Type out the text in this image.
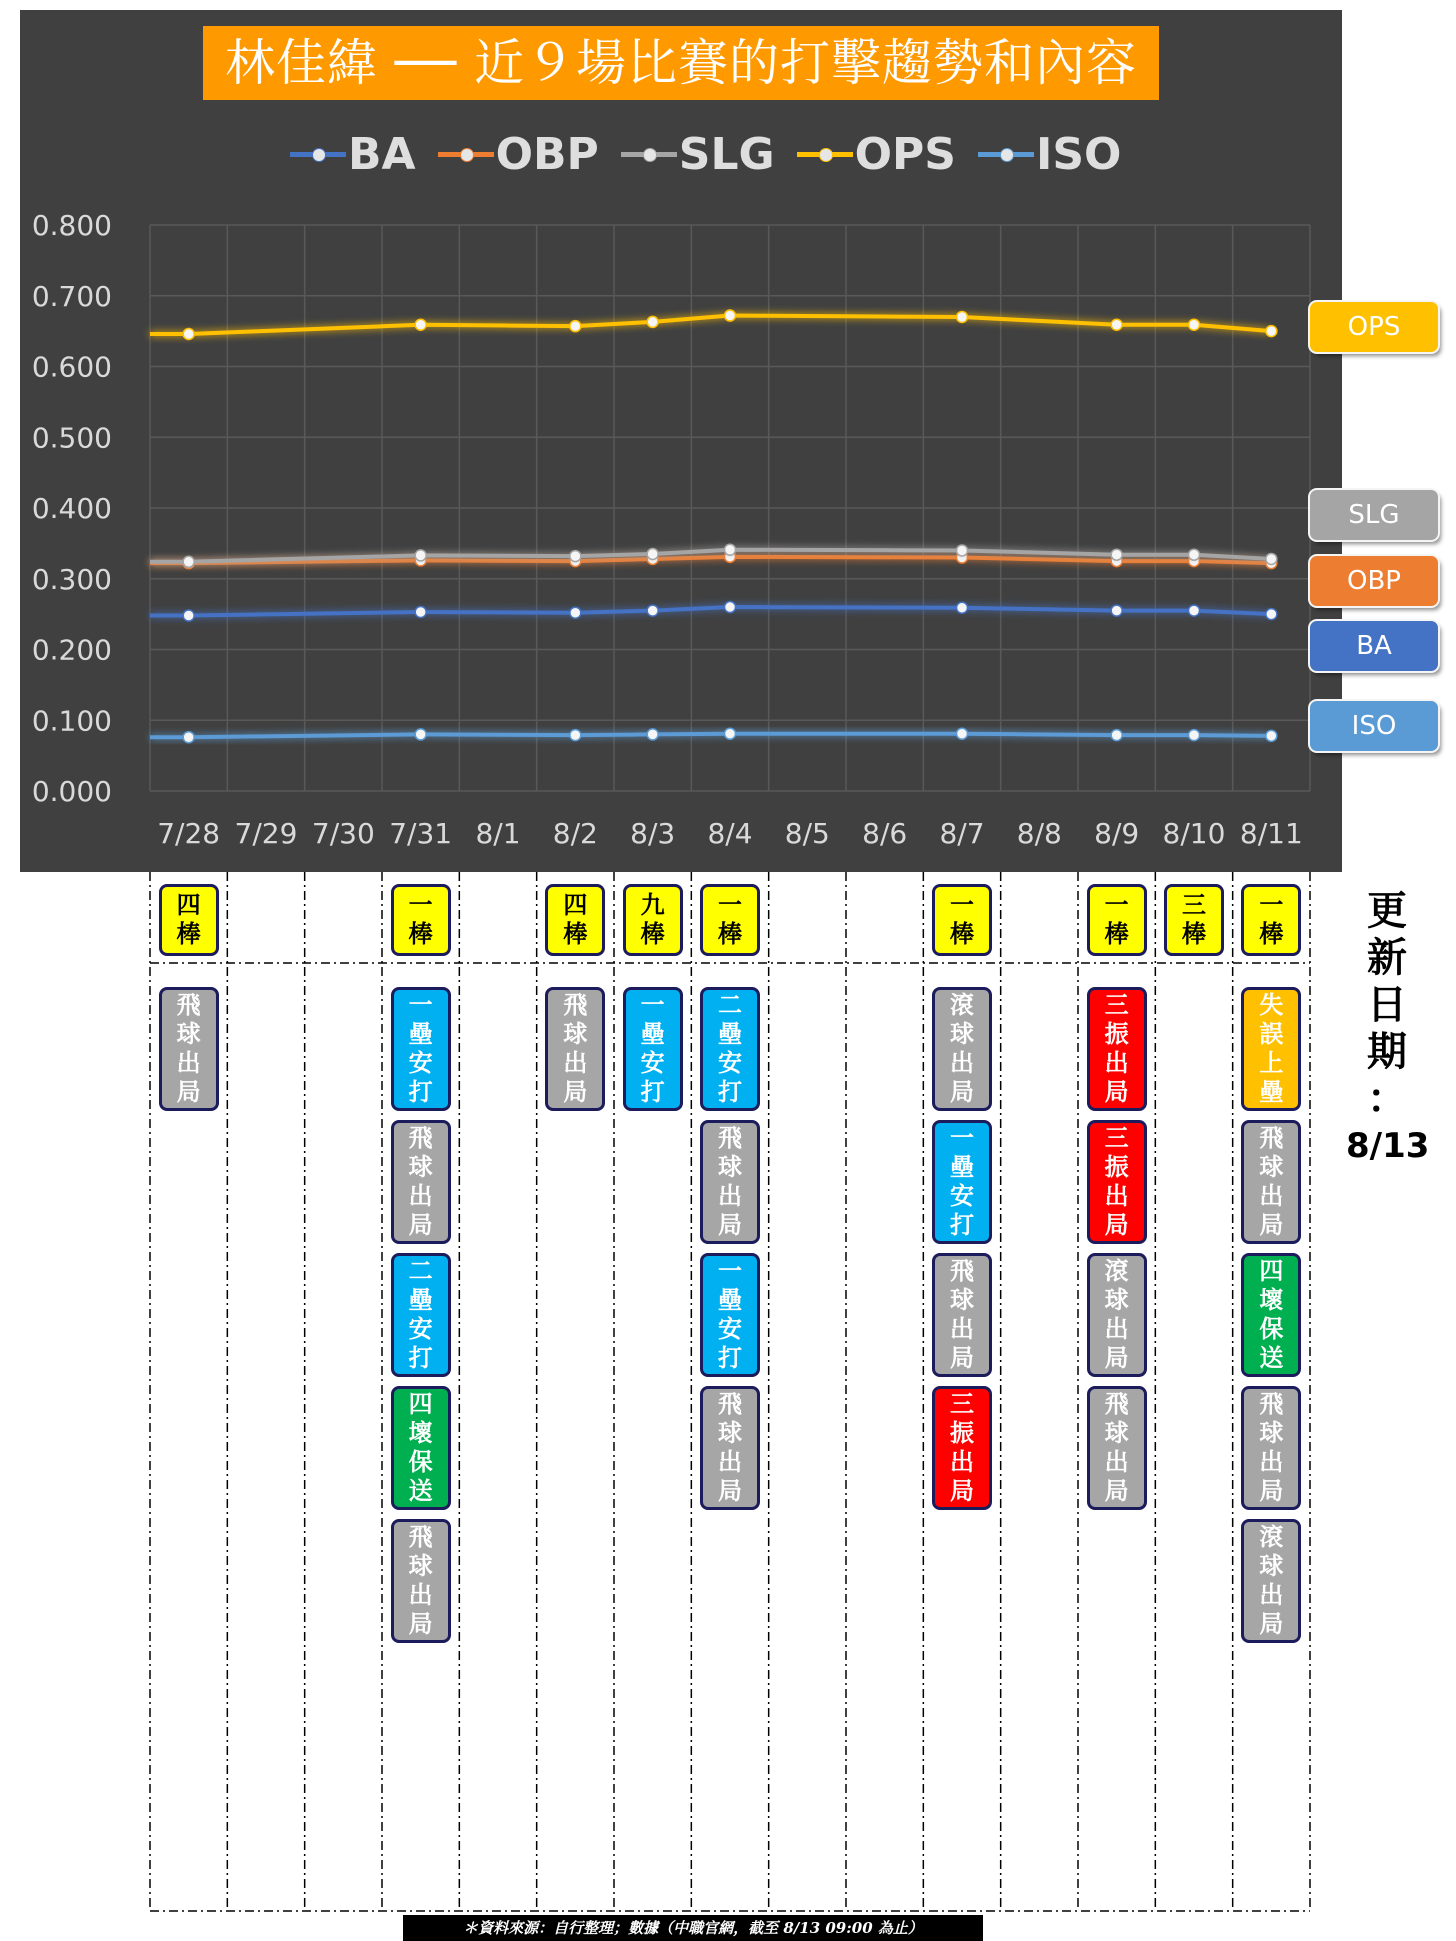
林佳緯 ── 近９場比賽的打擊趨勢和內容
BA OBP SLG OPS ISO
0.000
0.100
0.200
0.300
0.400
0.500
0.600
0.700
0.800
7/28 7/29 7/30 7/31 8/1 8/2 8/3 8/4 8/5 8/6 8/7 8/8 8/9 8/10 8/11
OPS
SLG
OBP
BA
ISO
四
棒
飛
球
出
局
一
棒
一
壘
安
打
飛
球
出
局
二
壘
安
打
四
壞
保
送
飛
球
出
局
四
棒
飛
球
出
局
九
棒
一
壘
安
打
一
棒
二
壘
安
打
飛
球
出
局
一
壘
安
打
飛
球
出
局
一
棒
滾
球
出
局
一
壘
安
打
飛
球
出
局
三
振
出
局
一
棒
三
振
出
局
三
振
出
局
滾
球
出
局
飛
球
出
局
三
棒
一
棒
失
誤
上
壘
飛
球
出
局
四
壞
保
送
飛
球
出
局
滾
球
出
局
更
新
日
期
：
8/13
＊資料來源：自行整理；數據（中職官網，截至 8/13 09:00 為止）
